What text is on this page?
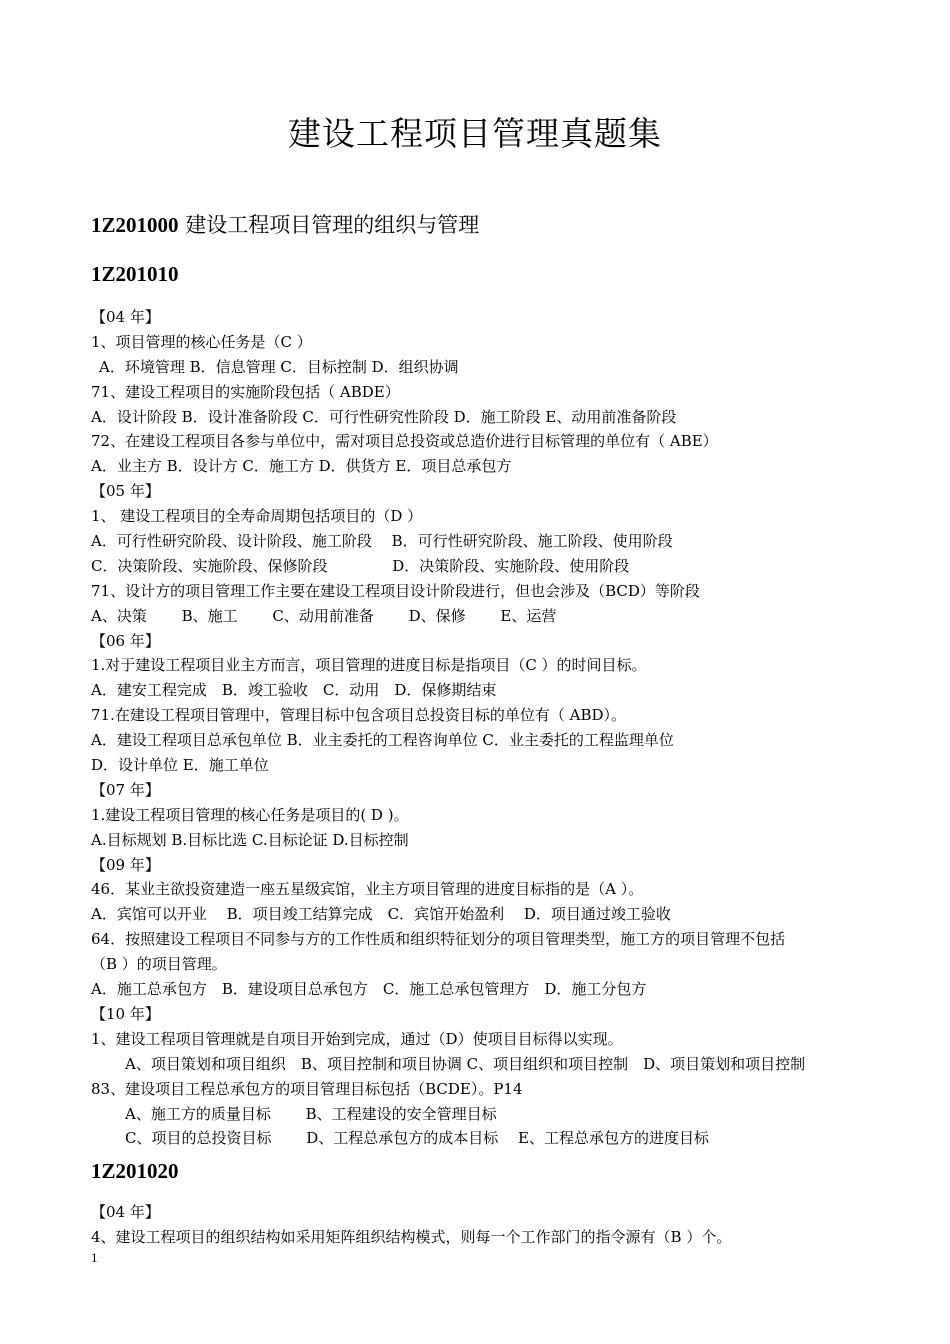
建设工程项目管理真题集
1Z201000 建设工程项目管理的组织与管理
1Z201010
【04 年】
1、项目管理的核心任务是（C ）
A．环境管理 B．信息管理 C．目标控制 D．组织协调
71、建设工程项目的实施阶段包括（ ABDE）
A．设计阶段 B．设计准备阶段 C．可行性研究性阶段 D．施工阶段 E、动用前准备阶段
72、在建设工程项目各参与单位中，需对项目总投资或总造价进行目标管理的单位有（ ABE）
A．业主方 B．设计方 C．施工方 D．供货方 E．项目总承包方
【05 年】
1、 建设工程项目的全寿命周期包括项目的（D ）
A．可行性研究阶段、设计阶段、施工阶段　 B．可行性研究阶段、施工阶段、使用阶段
C．决策阶段、实施阶段、保修阶段　　　　 D．决策阶段、实施阶段、使用阶段
71、设计方的项目管理工作主要在建设工程项目设计阶段进行，但也会涉及（BCD）等阶段
A、决策　　 B、施工　　 C、动用前准备　　 D、保修　　 E、运营
【06 年】
1.对于建设工程项目业主方而言，项目管理的进度目标是指项目（C ）的时间目标。
A．建安工程完成　B．竣工验收　C．动用　D．保修期结束
71.在建设工程项目管理中，管理目标中包含项目总投资目标的单位有（ ABD）。
A．建设工程项目总承包单位 B．业主委托的工程咨询单位 C．业主委托的工程监理单位
D．设计单位 E．施工单位
【07 年】
1.建设工程项目管理的核心任务是项目的( D )。
A.目标规划 B.目标比选 C.目标论证 D.目标控制
【09 年】
46．某业主欲投资建造一座五星级宾馆，业主方项目管理的进度目标指的是（A ）。
A．宾馆可以开业　 B．项目竣工结算完成　C．宾馆开始盈利　 D．项目通过竣工验收
64．按照建设工程项目不同参与方的工作性质和组织特征划分的项目管理类型，施工方的项目管理不包括
（B ）的项目管理。
A．施工总承包方　B．建设项目总承包方　C．施工总承包管理方　D．施工分包方
【10 年】
1、建设工程项目管理就是自项目开始到完成，通过（D）使项目目标得以实现。
A、项目策划和项目组织　B、项目控制和项目协调 C、项目组织和项目控制　D、项目策划和项目控制
83、建设项目工程总承包方的项目管理目标包括（BCDE）。P14
A、施工方的质量目标　　 B、工程建设的安全管理目标
C、项目的总投资目标　　 D、工程总承包方的成本目标　 E、工程总承包方的进度目标
1Z201020
【04 年】
4、建设工程项目的组织结构如采用矩阵组织结构模式，则每一个工作部门的指令源有（B ）个。
1
